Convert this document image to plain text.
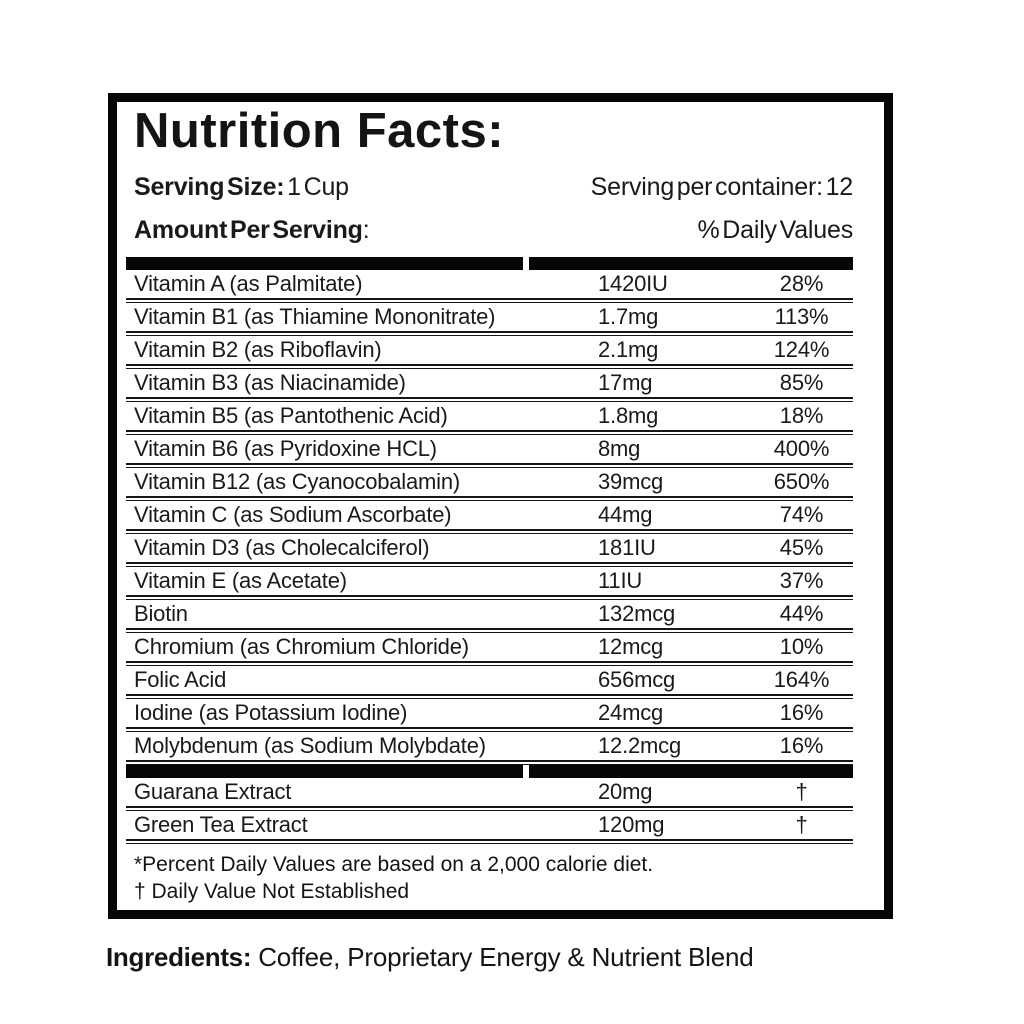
Nutrition Facts:
Serving Size: 1 Cup	Serving per container: 12
Amount Per Serving:	% Daily Values
Vitamin A (as Palmitate)	1420IU	28%
Vitamin B1 (as Thiamine Mononitrate)	1.7mg	113%
Vitamin B2 (as Riboflavin)	2.1mg	124%
Vitamin B3 (as Niacinamide)	17mg	85%
Vitamin B5 (as Pantothenic Acid)	1.8mg	18%
Vitamin B6 (as Pyridoxine HCL)	8mg	400%
Vitamin B12 (as Cyanocobalamin)	39mcg	650%
Vitamin C (as Sodium Ascorbate)	44mg	74%
Vitamin D3 (as Cholecalciferol)	181IU	45%
Vitamin E (as Acetate)	11IU	37%
Biotin	132mcg	44%
Chromium (as Chromium Chloride)	12mcg	10%
Folic Acid	656mcg	164%
Iodine (as Potassium Iodine)	24mcg	16%
Molybdenum (as Sodium Molybdate)	12.2mcg	16%
Guarana Extract	20mg	†
Green Tea Extract	120mg	†
*Percent Daily Values are based on a 2,000 calorie diet.
† Daily Value Not Established
Ingredients: Coffee, Proprietary Energy & Nutrient Blend
